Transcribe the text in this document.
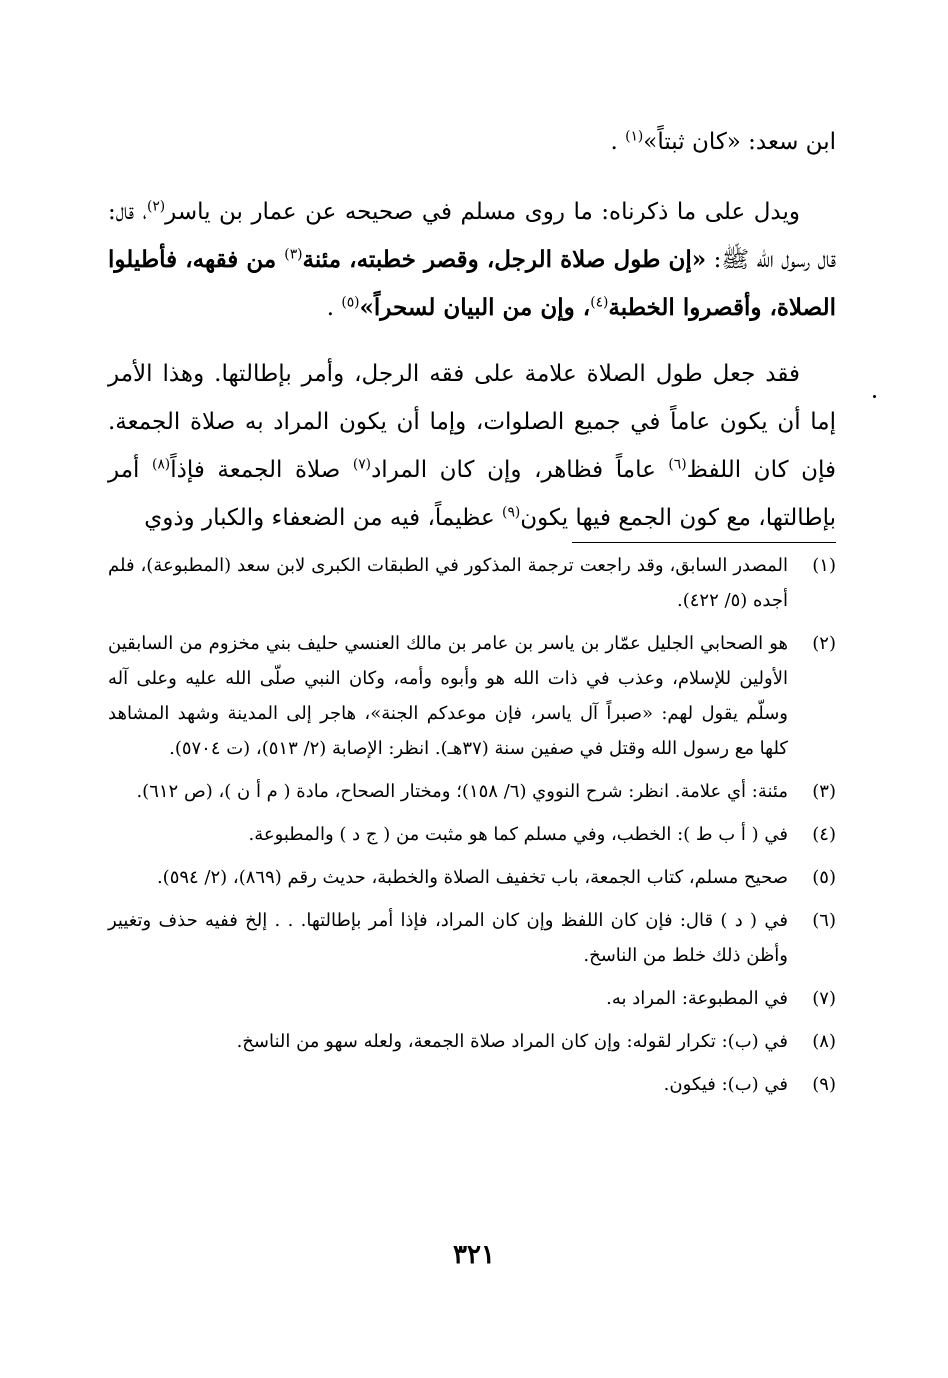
ابن سعد: «كان ثبتاً»$^{(١)}$ .

ويدل على ما ذكرناه: ما روى مسلم في صحيحه عن عمار بن ياسر$^{(٢)}$، قال: قال رسول الله ﷺ: «إن طول صلاة الرجل، وقصر خطبته، مئنة$^{(٣)}$ من فقهه، فأطيلوا الصلاة، وأقصروا الخطبة$^{(٤)}$، وإن من البيان لسحراً»$^{(٥)}$ .

فقد جعل طول الصلاة علامة على فقه الرجل، وأمر بإطالتها. وهذا الأمر إما أن يكون عاماً في جميع الصلوات، وإما أن يكون المراد به صلاة الجمعة. فإن كان اللفظ$^{(٦)}$ عاماً فظاهر، وإن كان المراد$^{(٧)}$ صلاة الجمعة فإذاً$^{(٨)}$ أمر بإطالتها، مع كون الجمع فيها يكون$^{(٩)}$ عظيماً، فيه من الضعفاء والكبار وذوي

(١)
المصدر السابق، وقد راجعت ترجمة المذكور في الطبقات الكبرى لابن سعد (المطبوعة)، فلم أجده (٥/ ٤٢٢).
(٢)
هو الصحابي الجليل عمّار بن ياسر بن عامر بن مالك العنسي حليف بني مخزوم من السابقين الأولين للإسلام، وعذب في ذات الله هو وأبوه وأمه، وكان النبي صلّى الله عليه وعلى آله وسلّم يقول لهم: «صبراً آل ياسر، فإن موعدكم الجنة»، هاجر إلى المدينة وشهد المشاهد كلها مع رسول الله وقتل في صفين سنة (٣٧هـ). انظر: الإصابة (٢/ ٥١٣)، (ت ٥٧٠٤).
(٣)
مئنة: أي علامة. انظر: شرح النووي (٦/ ١٥٨)؛ ومختار الصحاح، مادة ( م أ ن )، (ص ٦١٢).
(٤)
في ( أ ب ط ): الخطب، وفي مسلم كما هو مثبت من ( ج د ) والمطبوعة.
(٥)
صحيح مسلم، كتاب الجمعة، باب تخفيف الصلاة والخطبة، حديث رقم (٨٦٩)، (٢/ ٥٩٤).
(٦)
في ( د ) قال: فإن كان اللفظ وإن كان المراد، فإذا أمر بإطالتها. . . إلخ ففيه حذف وتغيير وأظن ذلك خلط من الناسخ.
(٧)
في المطبوعة: المراد به.
(٨)
في (ب): تكرار لقوله: وإن كان المراد صلاة الجمعة، ولعله سهو من الناسخ.
(٩)
في (ب): فيكون.
٣٢١
